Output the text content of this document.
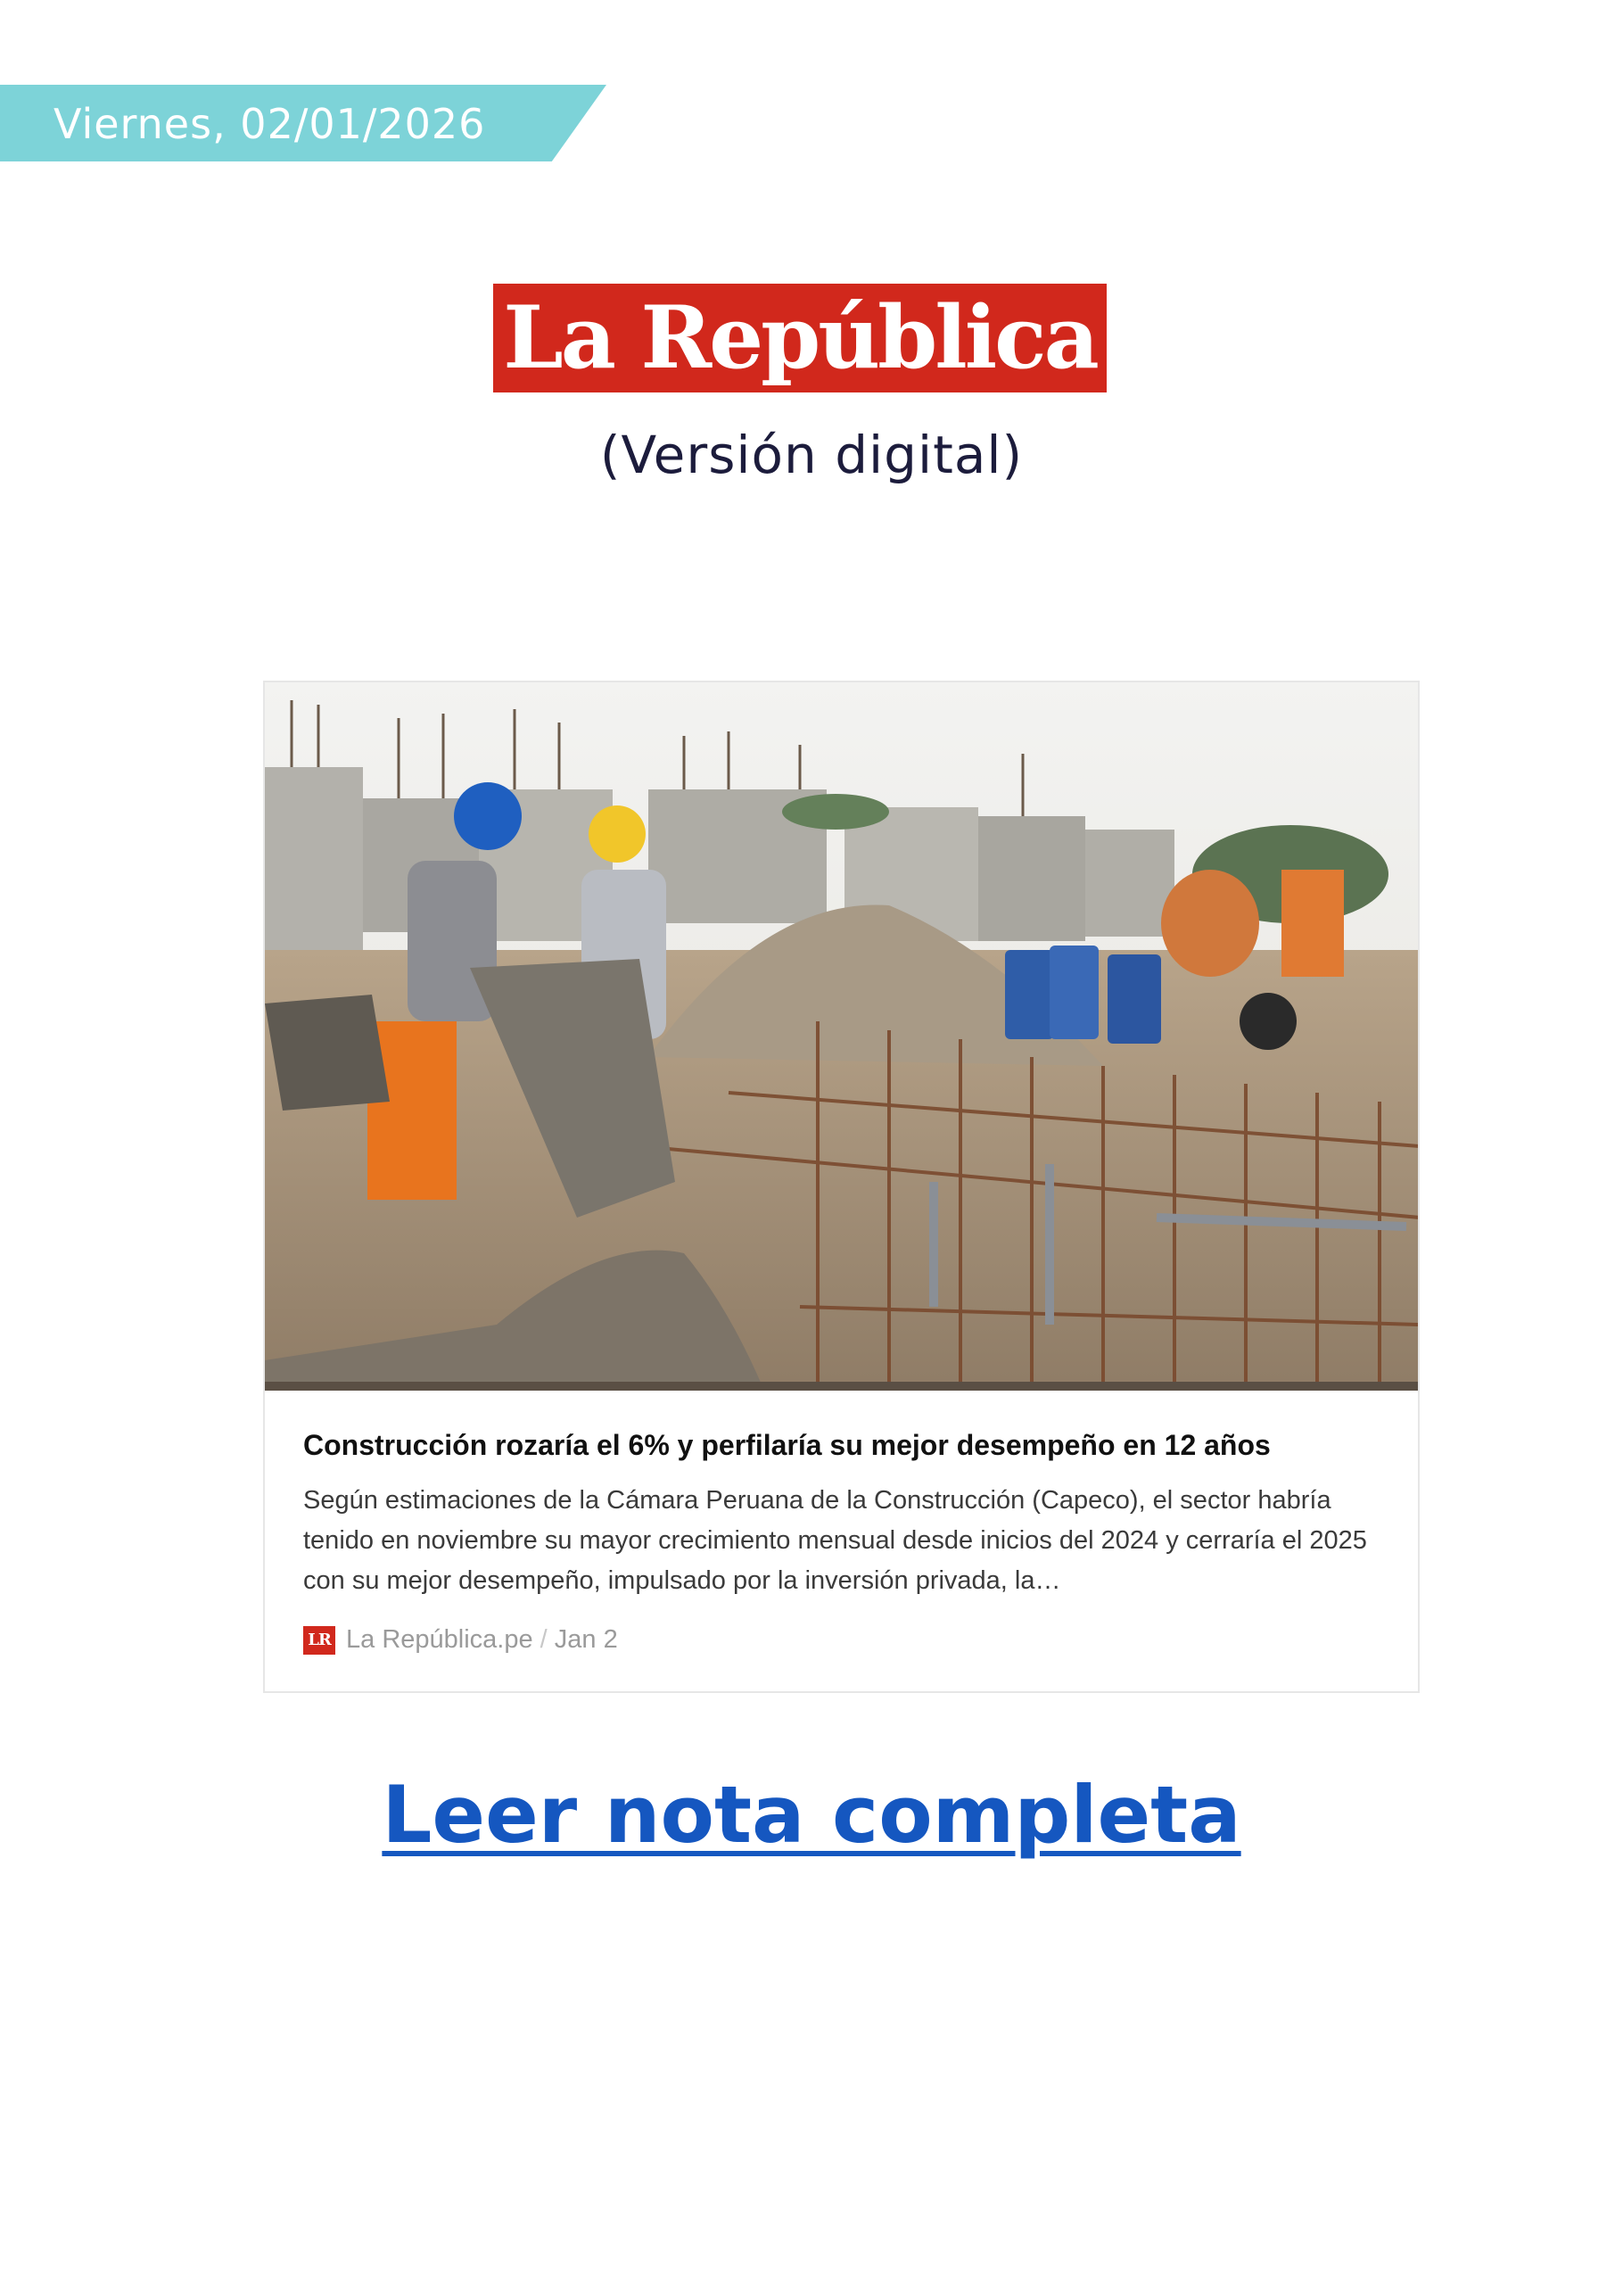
Viernes, 02/01/2026
La República
(Versión digital)
Construcción rozaría el 6% y perfilaría su mejor desempeño en 12 años
Según estimaciones de la Cámara Peruana de la Construcción (Capeco), el sector habría tenido en noviembre su mayor crecimiento mensual desde inicios del 2024 y cerraría el 2025 con su mejor desempeño, impulsado por la inversión privada, la…
LR La República.pe / Jan 2
Leer nota completa
